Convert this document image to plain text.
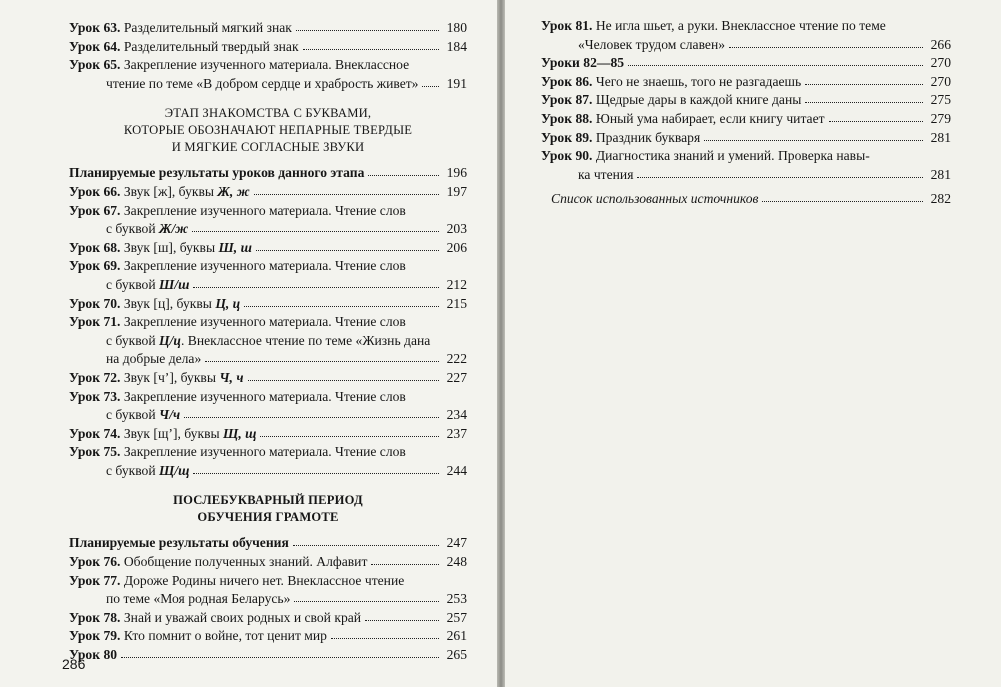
Урок 63. Разделительный мягкий знак	180
Урок 64. Разделительный твердый знак	184
Урок 65. Закрепление изученного материала. Внеклассное
чтение по теме «В добром сердце и храбрость живет» 191
ЭТАП ЗНАКОМСТВА С БУКВАМИ,
КОТОРЫЕ ОБОЗНАЧАЮТ НЕПАРНЫЕ ТВЕРДЫЕ
И МЯГКИЕ СОГЛАСНЫЕ ЗВУКИ
Планируемые результаты уроков данного этапа	196
Урок 66. Звук [ж], буквы Ж, ж	197
Урок 67. Закрепление изученного материала. Чтение слов
с буквой Ж/ж	203
Урок 68. Звук [ш], буквы Ш, ш	206
Урок 69. Закрепление изученного материала. Чтение слов
с буквой Ш/ш	212
Урок 70. Звук [ц], буквы Ц, ц	215
Урок 71. Закрепление изученного материала. Чтение слов
с буквой Ц/ц. Внеклассное чтение по теме «Жизнь дана
на добрые дела»	222
Урок 72. Звук [ч’], буквы Ч, ч	227
Урок 73. Закрепление изученного материала. Чтение слов
с буквой Ч/ч	234
Урок 74. Звук [щ’], буквы Щ, щ	237
Урок 75. Закрепление изученного материала. Чтение слов
с буквой Щ/щ	244
ПОСЛЕБУКВАРНЫЙ ПЕРИОД
ОБУЧЕНИЯ ГРАМОТЕ
Планируемые результаты обучения	247
Урок 76. Обобщение полученных знаний. Алфавит	248
Урок 77. Дороже Родины ничего нет. Внеклассное чтение
по теме «Моя родная Беларусь»	253
Урок 78. Знай и уважай своих родных и свой край	257
Урок 79. Кто помнит о войне, тот ценит мир	261
Урок 80	265
286
Урок 81. Не игла шьет, а руки. Внеклассное чтение по теме
«Человек трудом славен»	266
Уроки 82—85	270
Урок 86. Чего не знаешь, того не разгадаешь	270
Урок 87. Щедрые дары в каждой книге даны	275
Урок 88. Юный ума набирает, если книгу читает	279
Урок 89. Праздник букваря	281
Урок 90. Диагностика знаний и умений. Проверка навы-
ка чтения	281
Список использованных источников	282
